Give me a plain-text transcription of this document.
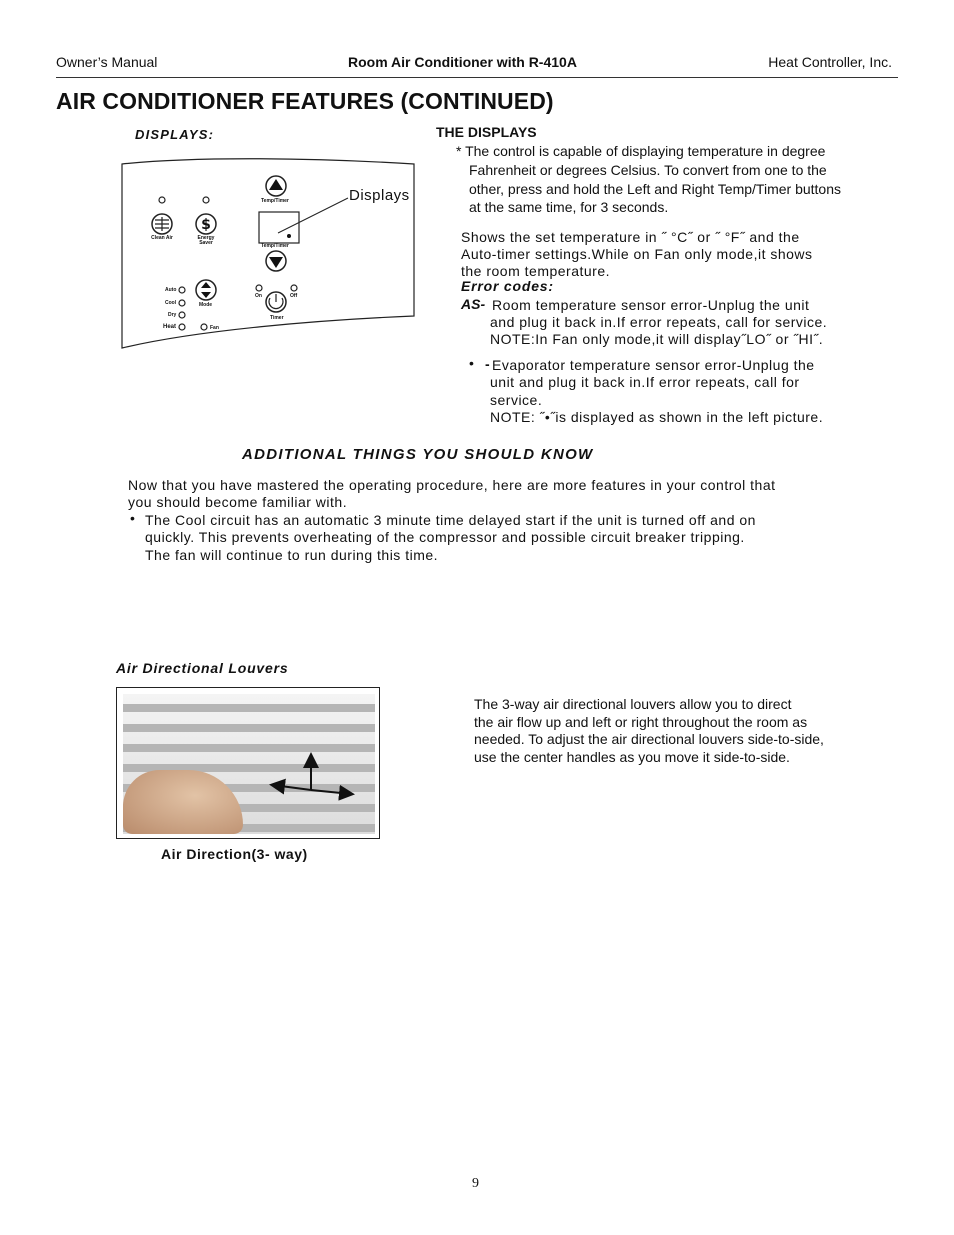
Owner’s Manual	Room Air Conditioner with R-410A	Heat Controller, Inc.
AIR CONDITIONER FEATURES (CONTINUED)
DISPLAYS:
$
Displays
Temp/Timer
Temp/Timer
Clean Air	Energy Saver
Mode
On	Off
Timer
Auto
Cool
Dry
Heat	Fan
THE DISPLAYS
* The control is capable of displaying temperature in degree
Fahrenheit or degrees Celsius. To convert from one to the
other, press and hold the Left and Right Temp/Timer buttons
at the same time, for 3 seconds.
Shows the set temperature in ˝ °C˝ or ˝ °F˝ and the
Auto-timer settings.While on Fan only mode,it shows
the room temperature.
Error codes:
AS- Room temperature sensor error-Unplug the unit
and plug it back in.If error repeats, call for service.
NOTE:In Fan only mode,it will display˝LO˝ or ˝HI˝.
• - Evaporator temperature sensor error-Unplug the
unit and plug it back in.If error repeats, call for
service.
NOTE: ˝•˝is displayed as shown in the left picture.
ADDITIONAL THINGS YOU SHOULD KNOW
Now that you have mastered the operating procedure, here are more features in your control that
you should become familiar with.
• The Cool circuit has an automatic 3 minute time delayed start if the unit is turned off and on
quickly. This prevents overheating of the compressor and possible circuit breaker tripping.
The fan will continue to run during this time.
Air Directional Louvers
Air Direction(3- way)
The 3-way air directional louvers allow you to direct
the air flow up and left or right throughout the room as
needed. To adjust the air directional louvers side-to-side,
use the center handles as you move it side-to-side.
9
